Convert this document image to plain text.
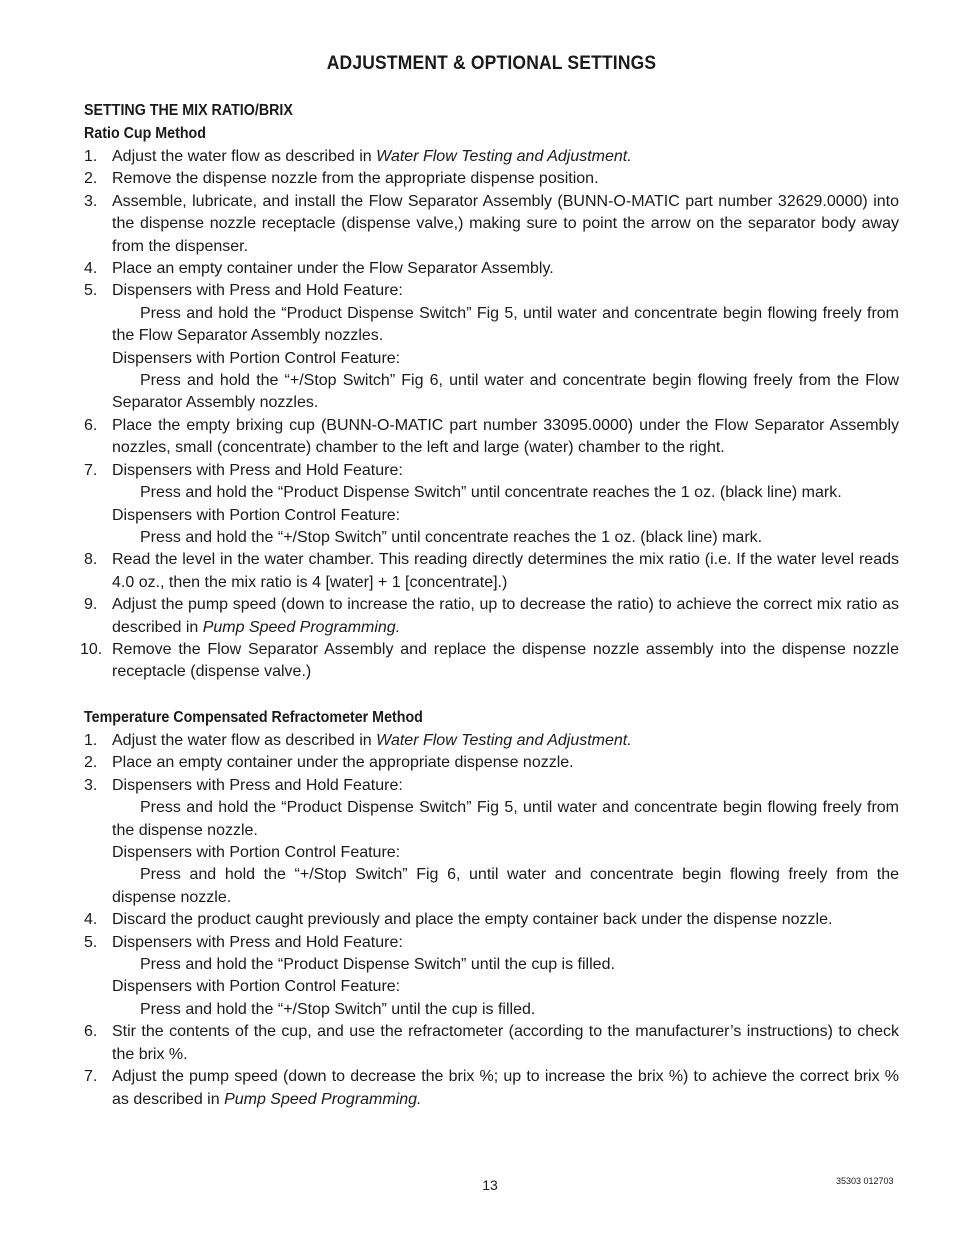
ADJUSTMENT & OPTIONAL SETTINGS
SETTING THE MIX RATIO/BRIX
Ratio Cup Method
1. Adjust the water flow as described in Water Flow Testing and Adjustment.
2. Remove the dispense nozzle from the appropriate dispense position.
3. Assemble, lubricate, and install the Flow Separator Assembly (BUNN-O-MATIC part number 32629.0000) into the dispense nozzle receptacle (dispense valve,) making sure to point the arrow on the separator body away from the dispenser.
4. Place an empty container under the Flow Separator Assembly.
5. Dispensers with Press and Hold Feature:
Press and hold the “Product Dispense Switch” Fig 5, until water and concentrate begin flowing freely from the Flow Separator Assembly nozzles.
Dispensers with Portion Control Feature:
Press and hold the “+/Stop Switch” Fig 6, until water and concentrate begin flowing freely from the Flow Separator Assembly nozzles.
6. Place the empty brixing cup (BUNN-O-MATIC part number 33095.0000) under the Flow Separator Assembly nozzles, small (concentrate) chamber to the left and large (water) chamber to the right.
7. Dispensers with Press and Hold Feature:
Press and hold the “Product Dispense Switch” until concentrate reaches the 1 oz. (black line) mark.
Dispensers with Portion Control Feature:
Press and hold the “+/Stop Switch” until concentrate reaches the 1 oz. (black line) mark.
8. Read the level in the water chamber. This reading directly determines the mix ratio (i.e. If the water level reads 4.0 oz., then the mix ratio is 4 [water] + 1 [concentrate].)
9. Adjust the pump speed (down to increase the ratio, up to decrease the ratio) to achieve the correct mix ratio as described in Pump Speed Programming.
10. Remove the Flow Separator Assembly and replace the dispense nozzle assembly into the dispense nozzle receptacle (dispense valve.)
Temperature Compensated Refractometer Method
1. Adjust the water flow as described in Water Flow Testing and Adjustment.
2. Place an empty container under the appropriate dispense nozzle.
3. Dispensers with Press and Hold Feature:
Press and hold the “Product Dispense Switch” Fig 5, until water and concentrate begin flowing freely from the dispense nozzle.
Dispensers with Portion Control Feature:
Press and hold the “+/Stop Switch” Fig 6, until water and concentrate begin flowing freely from the dispense nozzle.
4. Discard the product caught previously and place the empty container back under the dispense nozzle.
5. Dispensers with Press and Hold Feature:
Press and hold the “Product Dispense Switch” until the cup is filled.
Dispensers with Portion Control Feature:
Press and hold the “+/Stop Switch” until the cup is filled.
6. Stir the contents of the cup, and use the refractometer (according to the manufacturer’s instructions) to check the brix %.
7. Adjust the pump speed (down to decrease the brix %; up to increase the brix %) to achieve the correct brix % as described in Pump Speed Programming.
13	35303 012703
